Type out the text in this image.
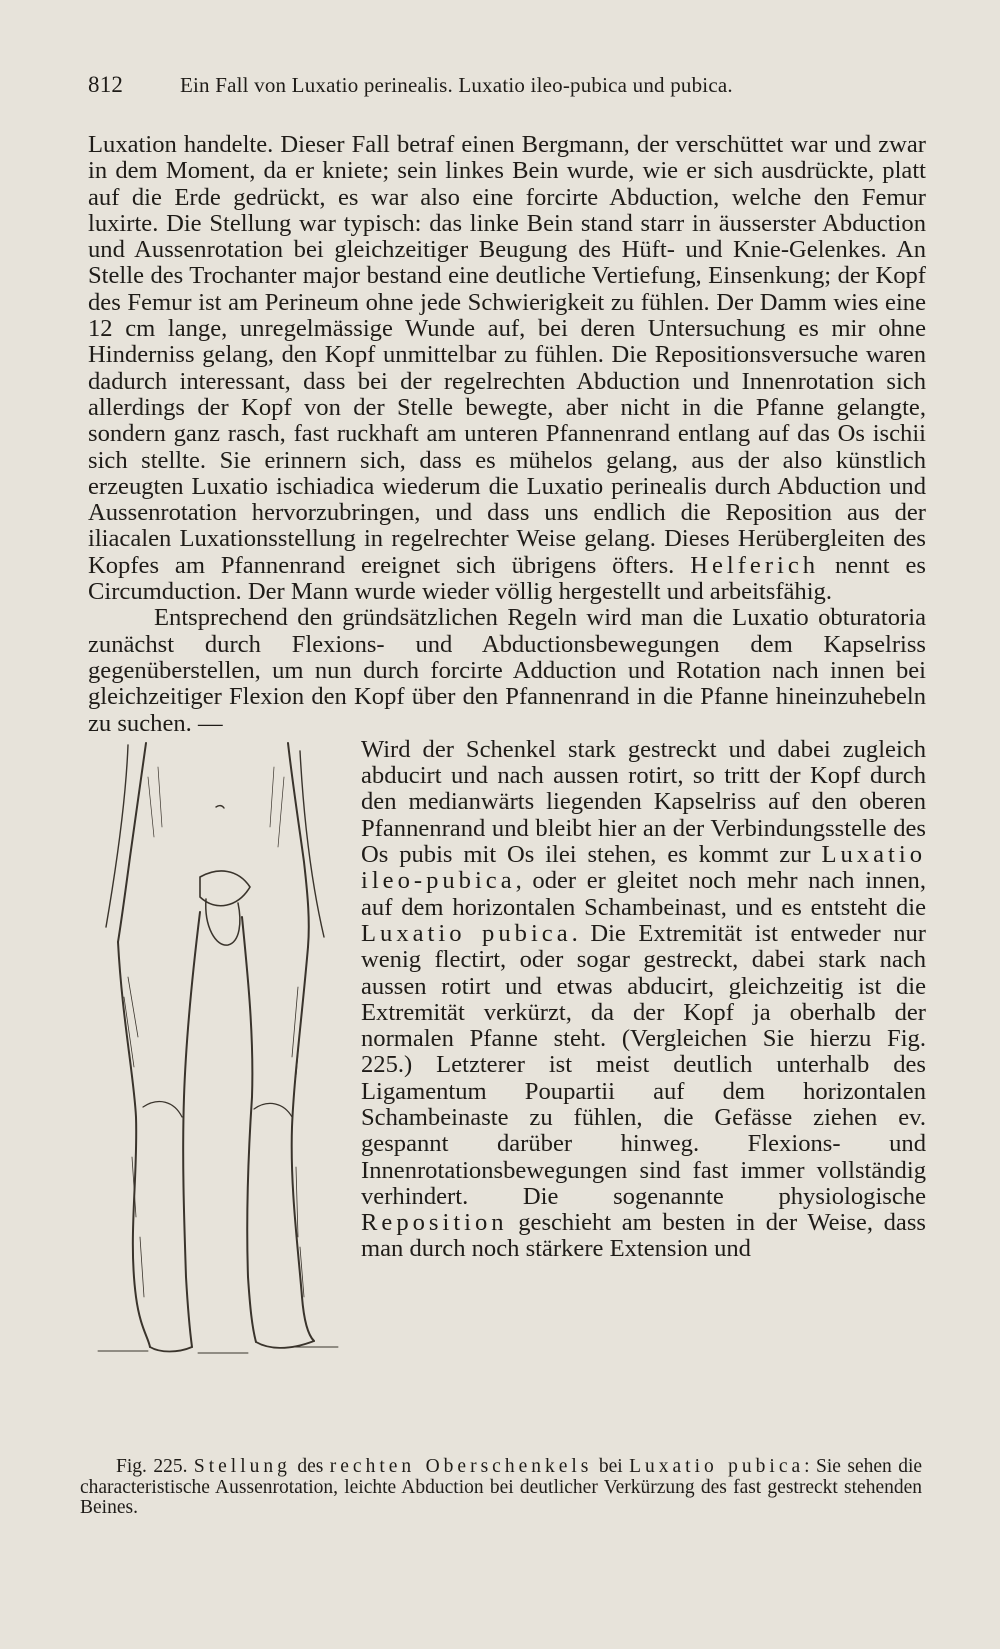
812	Ein Fall von Luxatio perinealis. Luxatio ileo-pubica und pubica.

Luxation handelte. Dieser Fall betraf einen Bergmann, der verschüttet war und zwar in dem Moment, da er kniete; sein linkes Bein wurde, wie er sich ausdrückte, platt auf die Erde gedrückt, es war also eine forcirte Abduction, welche den Femur luxirte. Die Stellung war typisch: das linke Bein stand starr in äusserster Abduction und Aussenrotation bei gleichzeitiger Beugung des Hüft- und Knie-Gelenkes. An Stelle des Trochanter major bestand eine deutliche Vertiefung, Einsenkung; der Kopf des Femur ist am Perineum ohne jede Schwierigkeit zu fühlen. Der Damm wies eine 12 cm lange, unregelmässige Wunde auf, bei deren Untersuchung es mir ohne Hinderniss gelang, den Kopf unmittelbar zu fühlen. Die Repositionsversuche waren dadurch interessant, dass bei der regelrechten Abduction und Innenrotation sich allerdings der Kopf von der Stelle bewegte, aber nicht in die Pfanne gelangte, sondern ganz rasch, fast ruckhaft am unteren Pfannenrand entlang auf das Os ischii sich stellte. Sie erinnern sich, dass es mühelos gelang, aus der also künstlich erzeugten Luxatio ischiadica wiederum die Luxatio perinealis durch Abduction und Aussenrotation hervorzubringen, und dass uns endlich die Reposition aus der iliacalen Luxationsstellung in regelrechter Weise gelang. Dieses Herübergleiten des Kopfes am Pfannenrand ereignet sich übrigens öfters. Helferich nennt es Circumduction. Der Mann wurde wieder völlig hergestellt und arbeitsfähig.

Entsprechend den gründsätzlichen Regeln wird man die Luxatio obturatoria zunächst durch Flexions- und Abductionsbewegungen dem Kapselriss gegenüberstellen, um nun durch forcirte Adduction und Rotation nach innen bei gleichzeitiger Flexion den Kopf über den Pfannenrand in die Pfanne hineinzuhebeln zu suchen. —

Wird der Schenkel stark gestreckt und dabei zugleich abducirt und nach aussen rotirt, so tritt der Kopf durch den medianwärts liegenden Kapselriss auf den oberen Pfannenrand und bleibt hier an der Verbindungsstelle des Os pubis mit Os ilei stehen, es kommt zur Luxatio ileo-pubica, oder er gleitet noch mehr nach innen, auf dem horizontalen Schambeinast, und es entsteht die Luxatio pubica. Die Extremität ist entweder nur wenig flectirt, oder sogar gestreckt, dabei stark nach aussen rotirt und etwas abducirt, gleichzeitig ist die Extremität verkürzt, da der Kopf ja oberhalb der normalen Pfanne steht. (Vergleichen Sie hierzu Fig. 225.) Letzterer ist meist deutlich unterhalb des Ligamentum Poupartii auf dem horizontalen Schambeinaste zu fühlen, die Gefässe ziehen ev. gespannt darüber hinweg. Flexions- und Innenrotationsbewegungen sind fast immer vollständig verhindert. Die sogenannte physiologische Reposition geschieht am besten in der Weise, dass man durch noch stärkere Extension und

Fig. 225. Stellung des rechten Oberschenkels bei Luxatio pubica: Sie sehen die characteristische Aussenrotation, leichte Abduction bei deutlicher Verkürzung des fast gestreckt stehenden Beines.
